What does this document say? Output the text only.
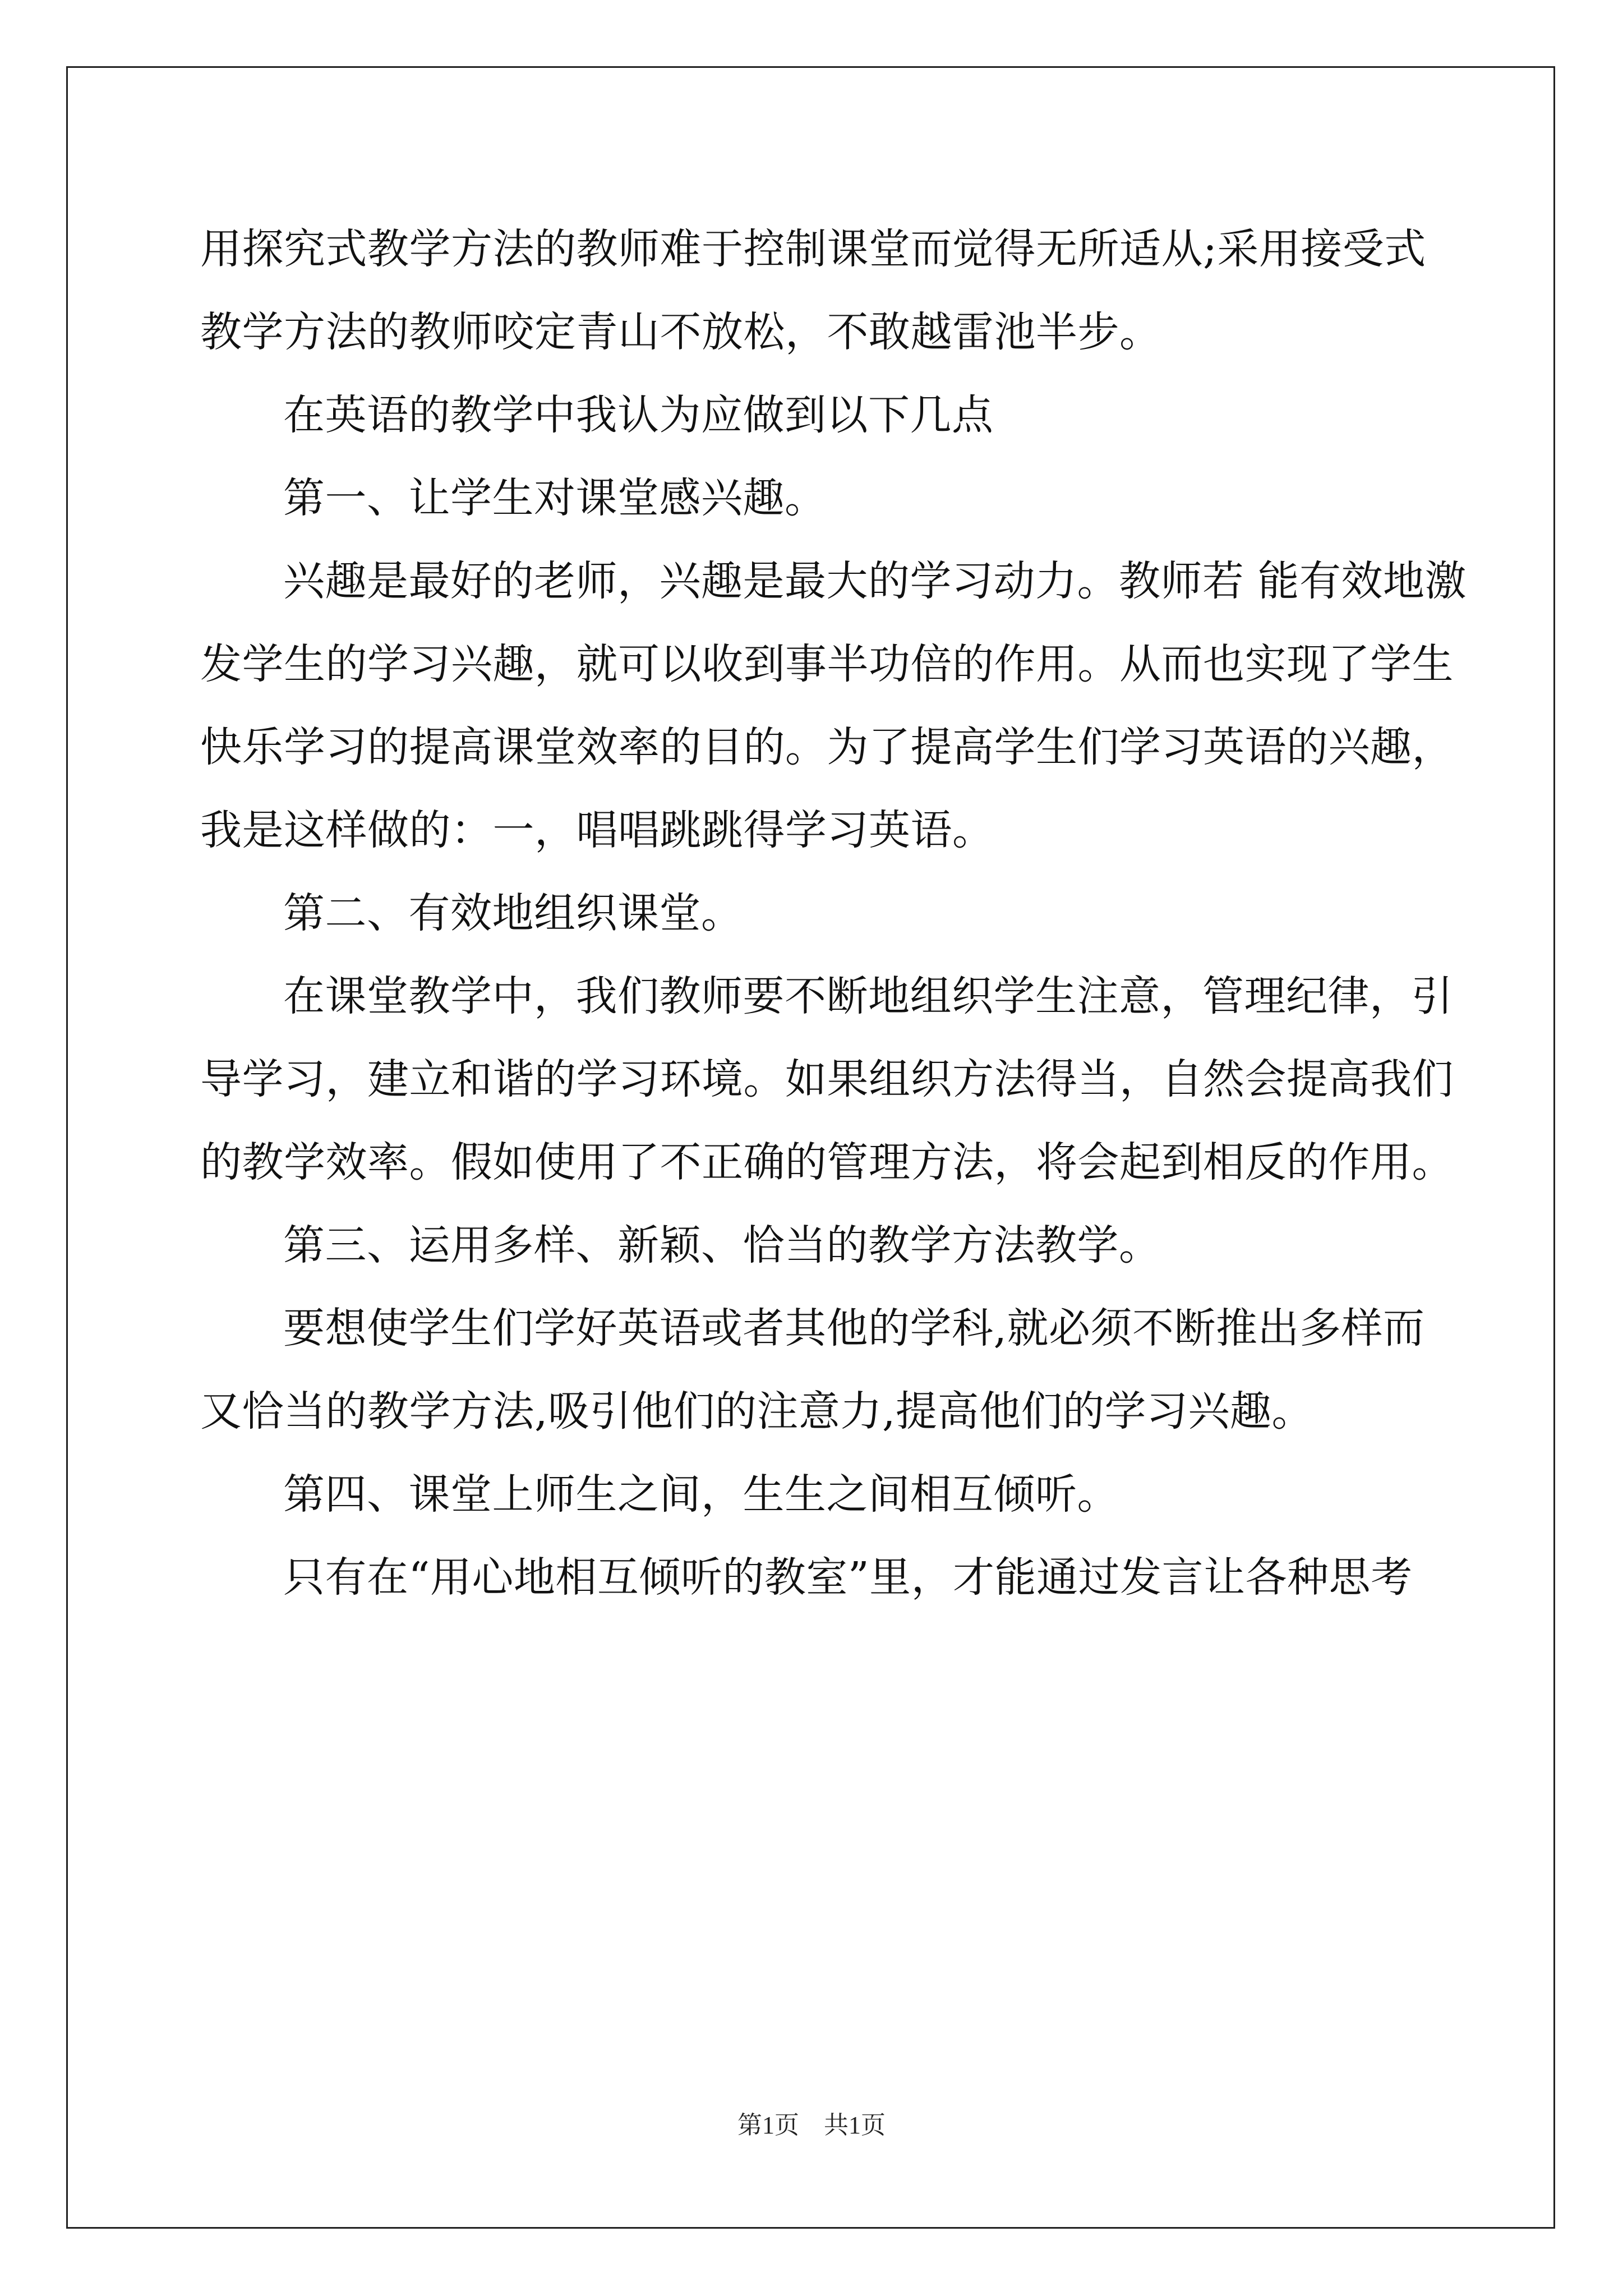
用探究式教学方法的教师难于控制课堂而觉得无所适从;采用接受式
教学方法的教师咬定青山不放松，不敢越雷池半步。
在英语的教学中我认为应做到以下几点
第一、让学生对课堂感兴趣。
兴趣是最好的老师，兴趣是最大的学习动力。教师若 能有效地激
发学生的学习兴趣，就可以收到事半功倍的作用。从而也实现了学生
快乐学习的提高课堂效率的目的。为了提高学生们学习英语的兴趣，
我是这样做的：一，唱唱跳跳得学习英语。
第二、有效地组织课堂。
在课堂教学中，我们教师要不断地组织学生注意，管理纪律，引
导学习，建立和谐的学习环境。如果组织方法得当，自然会提高我们
的教学效率。假如使用了不正确的管理方法，将会起到相反的作用。
第三、运用多样、新颖、恰当的教学方法教学。
要想使学生们学好英语或者其他的学科,就必须不断推出多样而
又恰当的教学方法,吸引他们的注意力,提高他们的学习兴趣。
第四、课堂上师生之间，生生之间相互倾听。
只有在“用心地相互倾听的教室”里，才能通过发言让各种思考
第1页　共1页
